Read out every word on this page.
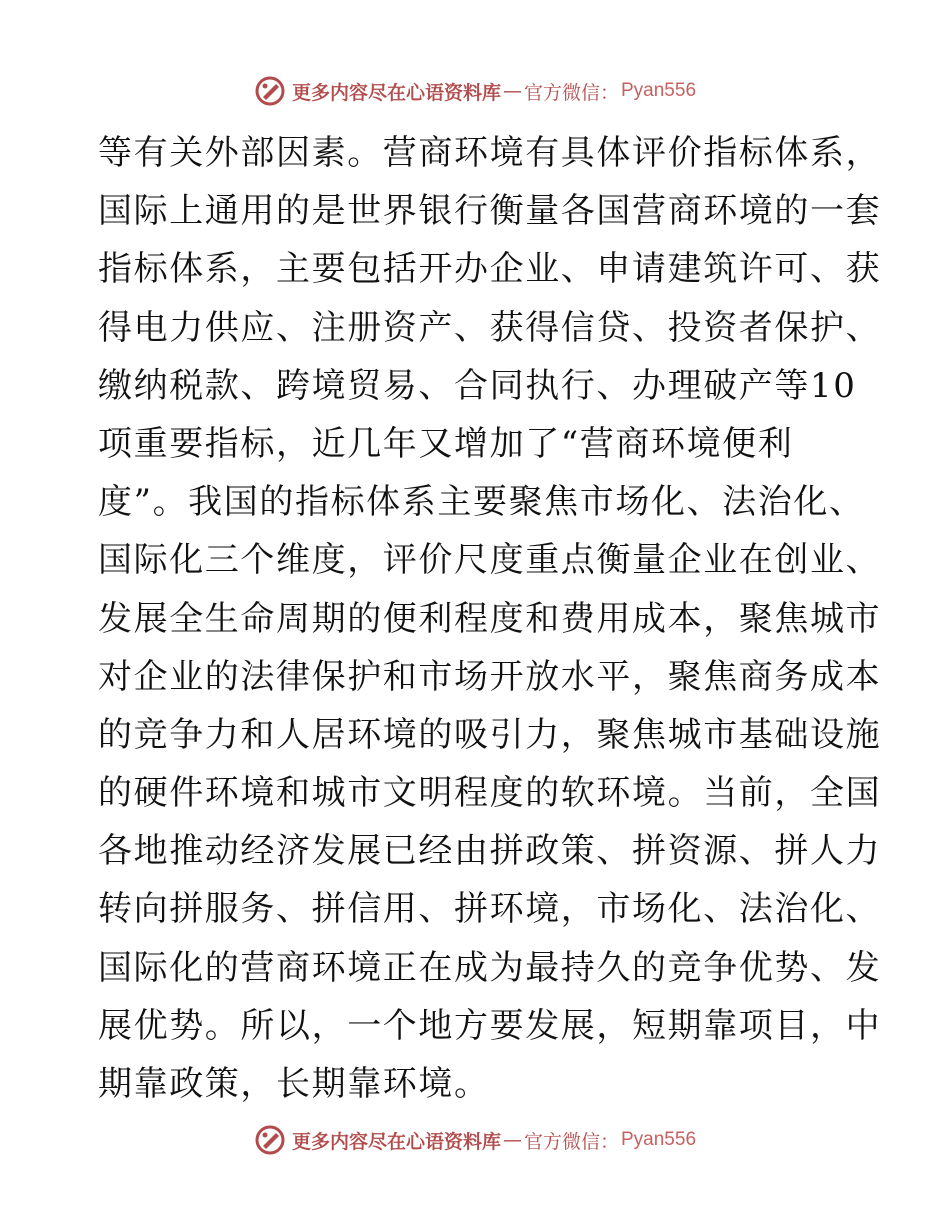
更多内容尽在心语资料库 — 官方微信： Pyan556
等有关外部因素。营商环境有具体评价指标体系，
国际上通用的是世界银行衡量各国营商环境的一套
指标体系，主要包括开办企业、申请建筑许可、获
得电力供应、注册资产、获得信贷、投资者保护、
缴纳税款、跨境贸易、合同执行、办理破产等10
项重要指标，近几年又增加了“营商环境便利
度”。我国的指标体系主要聚焦市场化、法治化、
国际化三个维度，评价尺度重点衡量企业在创业、
发展全生命周期的便利程度和费用成本，聚焦城市
对企业的法律保护和市场开放水平，聚焦商务成本
的竞争力和人居环境的吸引力，聚焦城市基础设施
的硬件环境和城市文明程度的软环境。当前，全国
各地推动经济发展已经由拼政策、拼资源、拼人力
转向拼服务、拼信用、拼环境，市场化、法治化、
国际化的营商环境正在成为最持久的竞争优势、发
展优势。所以，一个地方要发展，短期靠项目，中
期靠政策，长期靠环境。
更多内容尽在心语资料库 — 官方微信： Pyan556
